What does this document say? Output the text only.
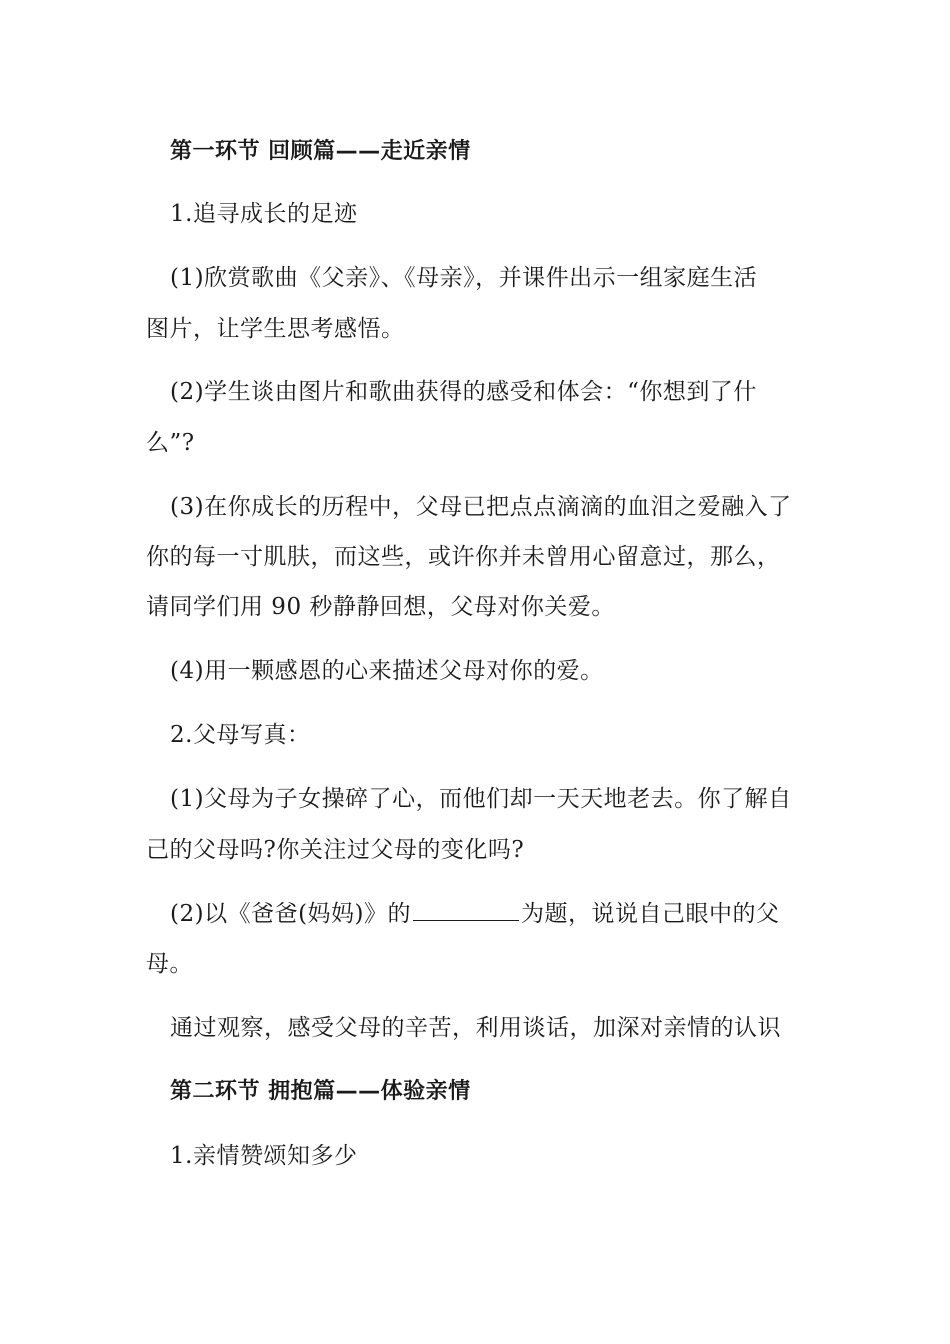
第一环节 回顾篇——走近亲情
1.追寻成长的足迹
(1)欣赏歌曲《父亲》、《母亲》，并课件出示一组家庭生活
图片，让学生思考感悟。
(2)学生谈由图片和歌曲获得的感受和体会：“你想到了什
么”?
(3)在你成长的历程中，父母已把点点滴滴的血泪之爱融入了
你的每一寸肌肤，而这些，或许你并未曾用心留意过，那么，
请同学们用 90 秒静静回想，父母对你关爱。
(4)用一颗感恩的心来描述父母对你的爱。
2.父母写真：
(1)父母为子女操碎了心，而他们却一天天地老去。你了解自
己的父母吗?你关注过父母的变化吗?
(2)以《爸爸(妈妈)》的	为题，说说自己眼中的父
母。
通过观察，感受父母的辛苦，利用谈话，加深对亲情的认识
第二环节 拥抱篇——体验亲情
1.亲情赞颂知多少
